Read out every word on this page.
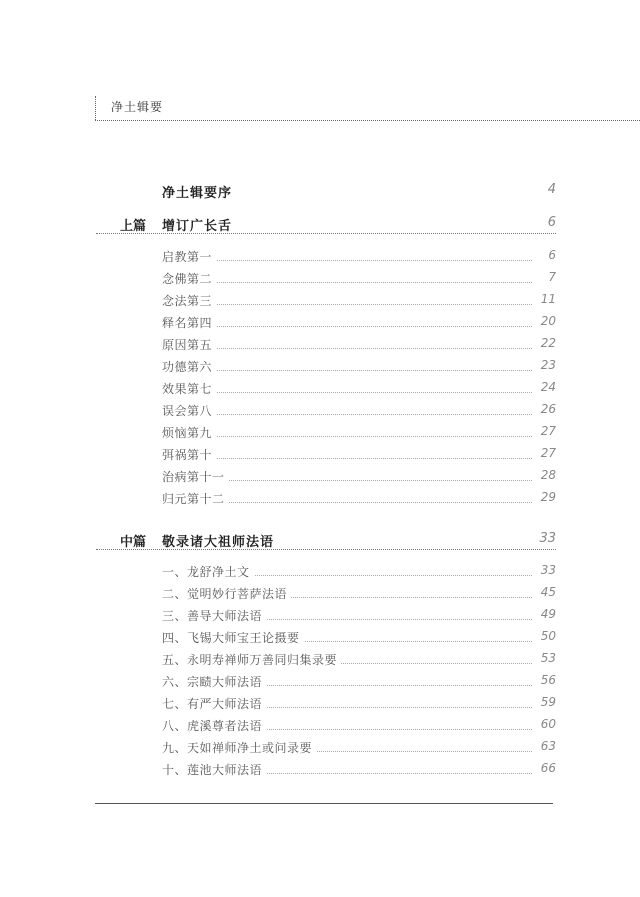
净土辑要
净土辑要序	4
上篇 增订广长舌	6
启教第一	6
念佛第二	7
念法第三	11
释名第四	20
原因第五	22
功德第六	23
效果第七	24
误会第八	26
烦恼第九	27
弭祸第十	27
治病第十一	28
归元第十二	29
中篇 敬录诸大祖师法语	33
一、龙舒净土文	33
二、觉明妙行菩萨法语	45
三、善导大师法语	49
四、飞锡大师宝王论摄要	50
五、永明寿禅师万善同归集录要	53
六、宗赜大师法语	56
七、有严大师法语	59
八、虎溪尊者法语	60
九、天如禅师净土或问录要	63
十、莲池大师法语	66
